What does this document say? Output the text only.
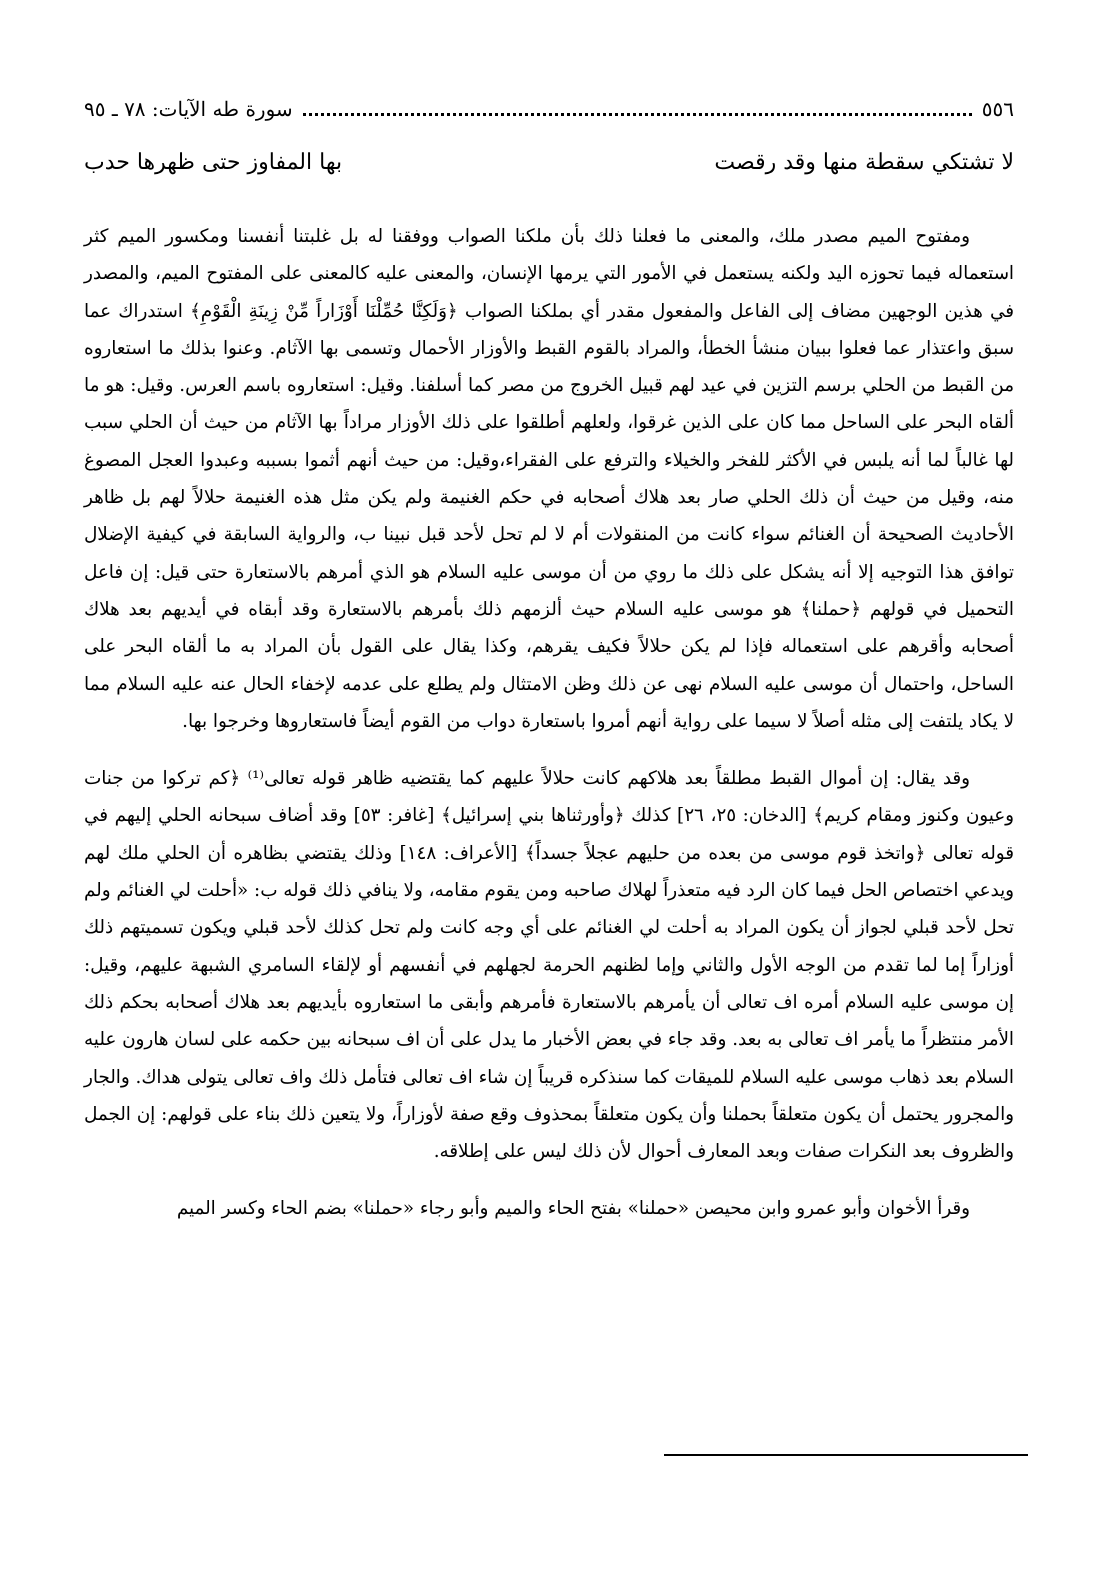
٥٥٦
سورة طه الآيات: ٧٨ ـ ٩٥
لا تشتكي سقطة منها وقد رقصت
بها المفاوز حتى ظهرها حدب

ومفتوح الميم مصدر ملك، والمعنى ما فعلنا ذلك بأن ملكنا الصواب ووفقنا له بل غلبتنا أنفسنا ومكسور الميم كثر استعماله فيما تحوزه اليد ولكنه يستعمل في الأمور التي يرمها الإنسان، والمعنى عليه كالمعنى على المفتوح الميم، والمصدر في هذين الوجهين مضاف إلى الفاعل والمفعول مقدر أي بملكنا الصواب ﴿وَلَكِنَّا حُمِّلْنَا أَوْزَاراً مِّنْ زِينَةِ الْقَوْمِ﴾ استدراك عما سبق واعتذار عما فعلوا ببيان منشأ الخطأ، والمراد بالقوم القبط والأوزار الأحمال وتسمى بها الآثام. وعنوا بذلك ما استعاروه من القبط من الحلي برسم التزين في عيد لهم قبيل الخروج من مصر كما أسلفنا. وقيل: استعاروه باسم العرس. وقيل: هو ما ألقاه البحر على الساحل مما كان على الذين غرقوا، ولعلهم أطلقوا على ذلك الأوزار مراداً بها الآثام من حيث أن الحلي سبب لها غالباً لما أنه يلبس في الأكثر للفخر والخيلاء والترفع على الفقراء،وقيل: من حيث أنهم أثموا بسببه وعبدوا العجل المصوغ منه، وقيل من حيث أن ذلك الحلي صار بعد هلاك أصحابه في حكم الغنيمة ولم يكن مثل هذه الغنيمة حلالاً لهم بل ظاهر الأحاديث الصحيحة أن الغنائم سواء كانت من المنقولات أم لا لم تحل لأحد قبل نبينا ب، والرواية السابقة في كيفية الإضلال توافق هذا التوجيه إلا أنه يشكل على ذلك ما روي من أن موسى عليه السلام هو الذي أمرهم بالاستعارة حتى قيل: إن فاعل التحميل في قولهم ﴿حملنا﴾ هو موسى عليه السلام حيث ألزمهم ذلك بأمرهم بالاستعارة وقد أبقاه في أيديهم بعد هلاك أصحابه وأقرهم على استعماله فإذا لم يكن حلالاً فكيف يقرهم، وكذا يقال على القول بأن المراد به ما ألقاه البحر على الساحل، واحتمال أن موسى عليه السلام نهى عن ذلك وظن الامتثال ولم يطلع على عدمه لإخفاء الحال عنه عليه السلام مما لا يكاد يلتفت إلى مثله أصلاً لا سيما على رواية أنهم أمروا باستعارة دواب من القوم أيضاً فاستعاروها وخرجوا بها.

وقد يقال: إن أموال القبط مطلقاً بعد هلاكهم كانت حلالاً عليهم كما يقتضيه ظاهر قوله تعالى⁽¹⁾ ﴿كم تركوا من جنات وعيون وكنوز ومقام كريم﴾ [الدخان: ٢٥، ٢٦] كذلك ﴿وأورثناها بني إسرائيل﴾ [غافر: ٥٣] وقد أضاف سبحانه الحلي إليهم في قوله تعالى ﴿واتخذ قوم موسى من بعده من حليهم عجلاً جسداً﴾ [الأعراف: ١٤٨] وذلك يقتضي بظاهره أن الحلي ملك لهم ويدعي اختصاص الحل فيما كان الرد فيه متعذراً لهلاك صاحبه ومن يقوم مقامه، ولا ينافي ذلك قوله ب: «أحلت لي الغنائم ولم تحل لأحد قبلي لجواز أن يكون المراد به أحلت لي الغنائم على أي وجه كانت ولم تحل كذلك لأحد قبلي ويكون تسميتهم ذلك أوزاراً إما لما تقدم من الوجه الأول والثاني وإما لظنهم الحرمة لجهلهم في أنفسهم أو لإلقاء السامري الشبهة عليهم، وقيل: إن موسى عليه السلام أمره اف تعالى أن يأمرهم بالاستعارة فأمرهم وأبقى ما استعاروه بأيديهم بعد هلاك أصحابه بحكم ذلك الأمر منتظراً ما يأمر اف تعالى به بعد. وقد جاء في بعض الأخبار ما يدل على أن اف سبحانه بين حكمه على لسان هارون عليه السلام بعد ذهاب موسى عليه السلام للميقات كما سنذكره قريباً إن شاء اف تعالى فتأمل ذلك واف تعالى يتولى هداك. والجار والمجرور يحتمل أن يكون متعلقاً بحملنا وأن يكون متعلقاً بمحذوف وقع صفة لأوزاراً، ولا يتعين ذلك بناء على قولهم: إن الجمل والظروف بعد النكرات صفات وبعد المعارف أحوال لأن ذلك ليس على إطلاقه.

وقرأ الأخوان وأبو عمرو وابن محيصن «حملنا» بفتح الحاء والميم وأبو رجاء «حملنا» بضم الحاء وكسر الميم
